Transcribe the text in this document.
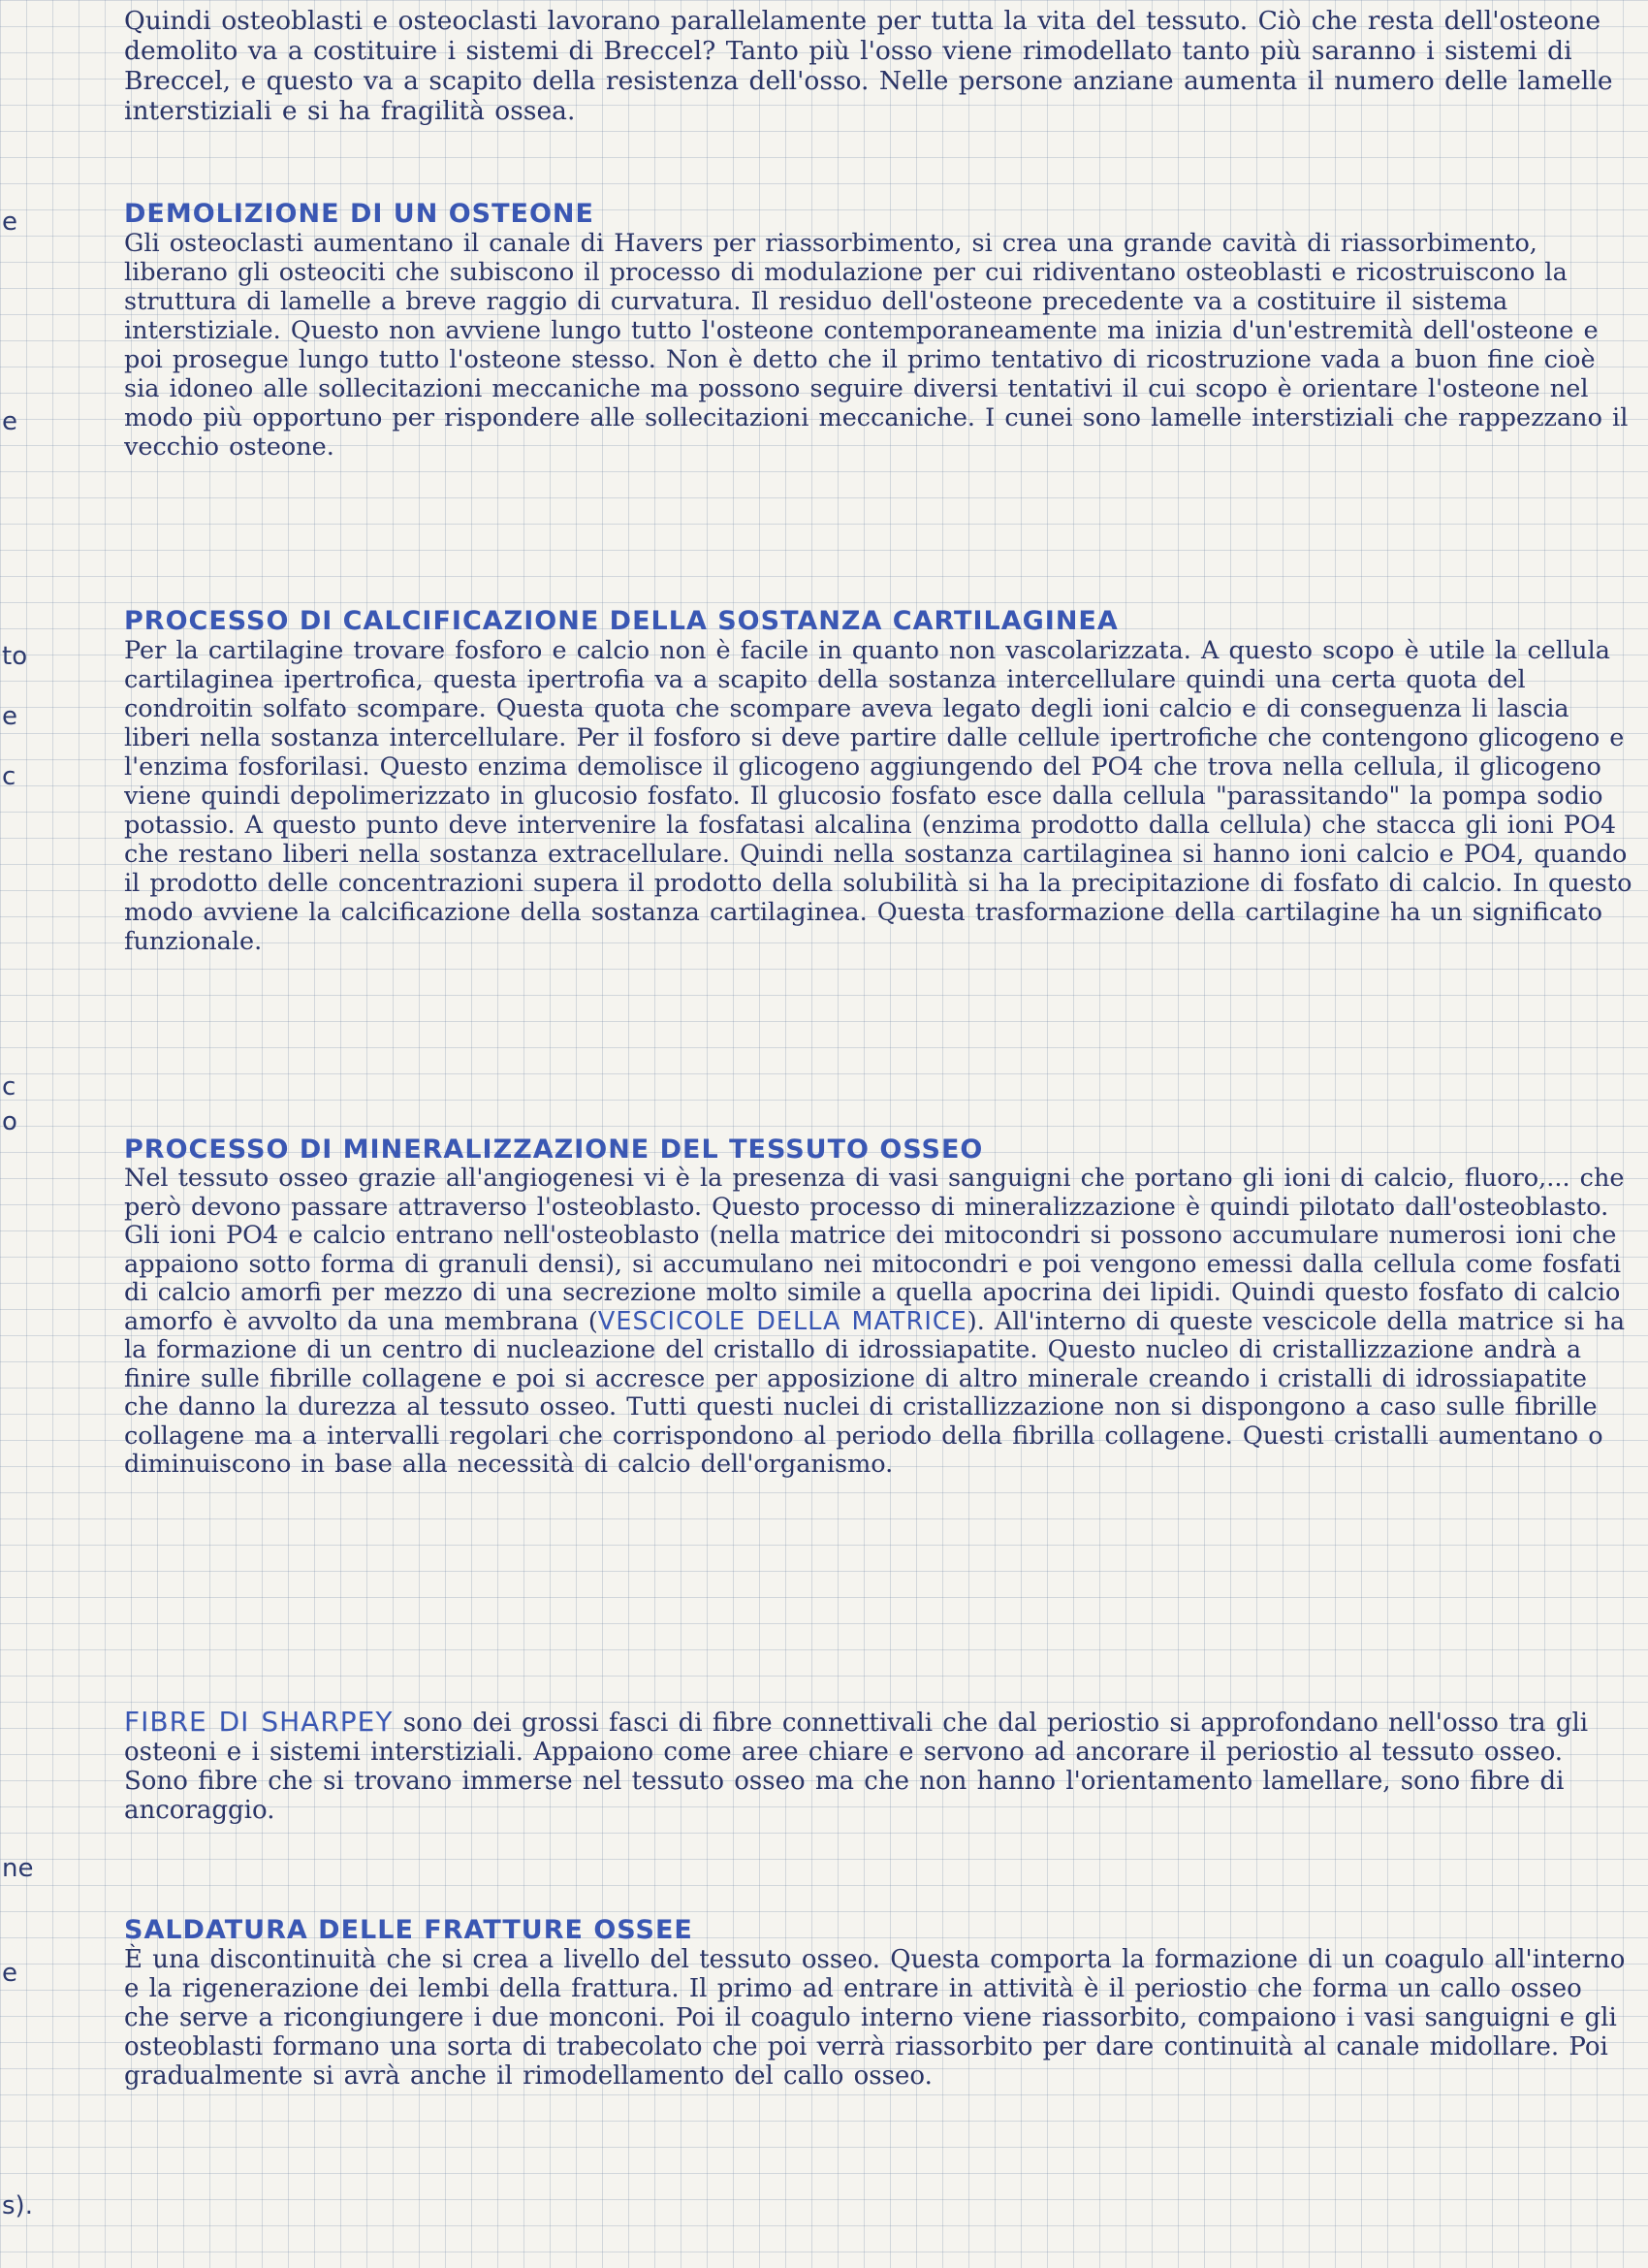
e
e
to
e
c
c
o
ne
e
s).

Quindi osteoblasti e osteoclasti lavorano parallelamente per tutta la vita del tessuto. Ciò che resta dell'osteone demolito va a costituire i sistemi di Breccel? Tanto più l'osso viene rimodellato tanto più saranno i sistemi di Breccel, e questo va a scapito della resistenza dell'osso. Nelle persone anziane aumenta il numero delle lamelle interstiziali e si ha fragilità ossea.

DEMOLIZIONE DI UN OSTEONE

Gli osteoclasti aumentano il canale di Havers per riassorbimento, si crea una grande cavità di riassorbimento, liberano gli osteociti che subiscono il processo di modulazione per cui ridiventano osteoblasti e ricostruiscono la struttura di lamelle a breve raggio di curvatura. Il residuo dell'osteone precedente va a costituire il sistema interstiziale. Questo non avviene lungo tutto l'osteone contemporaneamente ma inizia d'un'estremità dell'osteone e poi prosegue lungo tutto l'osteone stesso. Non è detto che il primo tentativo di ricostruzione vada a buon fine cioè sia idoneo alle sollecitazioni meccaniche ma possono seguire diversi tentativi il cui scopo è orientare l'osteone nel modo più opportuno per rispondere alle sollecitazioni meccaniche. I cunei sono lamelle interstiziali che rappezzano il vecchio osteone.

PROCESSO DI CALCIFICAZIONE DELLA SOSTANZA CARTILAGINEA

Per la cartilagine trovare fosforo e calcio non è facile in quanto non vascolarizzata. A questo scopo è utile la cellula cartilaginea ipertrofica, questa ipertrofia va a scapito della sostanza intercellulare quindi una certa quota del condroitin solfato scompare. Questa quota che scompare aveva legato degli ioni calcio e di conseguenza li lascia liberi nella sostanza intercellulare. Per il fosforo si deve partire dalle cellule ipertrofiche che contengono glicogeno e l'enzima fosforilasi. Questo enzima demolisce il glicogeno aggiungendo del PO4 che trova nella cellula, il glicogeno viene quindi depolimerizzato in glucosio fosfato. Il glucosio fosfato esce dalla cellula "parassitando" la pompa sodio potassio. A questo punto deve intervenire la fosfatasi alcalina (enzima prodotto dalla cellula) che stacca gli ioni PO4 che restano liberi nella sostanza extracellulare. Quindi nella sostanza cartilaginea si hanno ioni calcio e PO4, quando il prodotto delle concentrazioni supera il prodotto della solubilità si ha la precipitazione di fosfato di calcio. In questo modo avviene la calcificazione della sostanza cartilaginea. Questa trasformazione della cartilagine ha un significato funzionale.

PROCESSO DI MINERALIZZAZIONE DEL TESSUTO OSSEO

Nel tessuto osseo grazie all'angiogenesi vi è la presenza di vasi sanguigni che portano gli ioni di calcio, fluoro,... che però devono passare attraverso l'osteoblasto. Questo processo di mineralizzazione è quindi pilotato dall'osteoblasto. Gli ioni PO4 e calcio entrano nell'osteoblasto (nella matrice dei mitocondri si possono accumulare numerosi ioni che appaiono sotto forma di granuli densi), si accumulano nei mitocondri e poi vengono emessi dalla cellula come fosfati di calcio amorfi per mezzo di una secrezione molto simile a quella apocrina dei lipidi. Quindi questo fosfato di calcio amorfo è avvolto da una membrana (VESCICOLE DELLA MATRICE). All'interno di queste vescicole della matrice si ha la formazione di un centro di nucleazione del cristallo di idrossiapatite. Questo nucleo di cristallizzazione andrà a finire sulle fibrille collagene e poi si accresce per apposizione di altro minerale creando i cristalli di idrossiapatite che danno la durezza al tessuto osseo. Tutti questi nuclei di cristallizzazione non si dispongono a caso sulle fibrille collagene ma a intervalli regolari che corrispondono al periodo della fibrilla collagene. Questi cristalli aumentano o diminuiscono in base alla necessità di calcio dell'organismo.

FIBRE DI SHARPEY sono dei grossi fasci di fibre connettivali che dal periostio si approfondano nell'osso tra gli osteoni e i sistemi interstiziali. Appaiono come aree chiare e servono ad ancorare il periostio al tessuto osseo. Sono fibre che si trovano immerse nel tessuto osseo ma che non hanno l'orientamento lamellare, sono fibre di ancoraggio.

SALDATURA DELLE FRATTURE OSSEE

È una discontinuità che si crea a livello del tessuto osseo. Questa comporta la formazione di un coagulo all'interno e la rigenerazione dei lembi della frattura. Il primo ad entrare in attività è il periostio che forma un callo osseo che serve a ricongiungere i due monconi. Poi il coagulo interno viene riassorbito, compaiono i vasi sanguigni e gli osteoblasti formano una sorta di trabecolato che poi verrà riassorbito per dare continuità al canale midollare. Poi gradualmente si avrà anche il rimodellamento del callo osseo.
